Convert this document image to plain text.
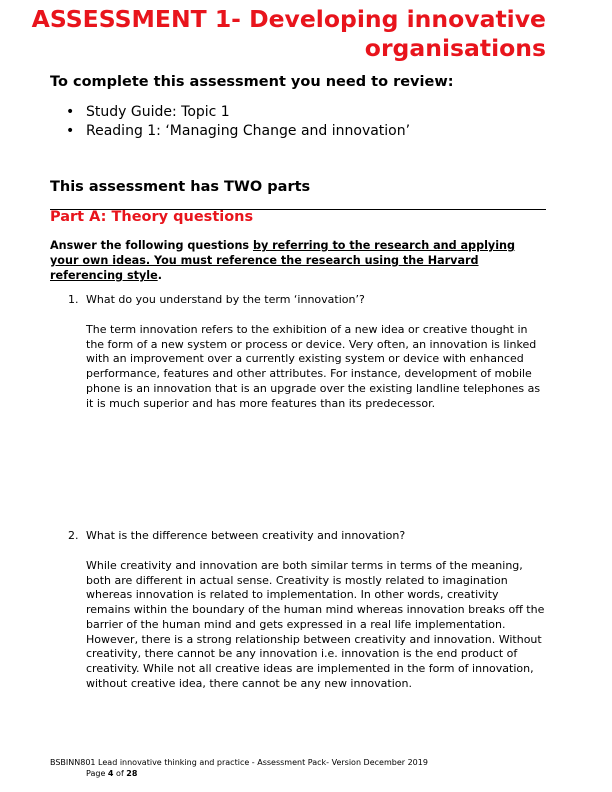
ASSESSMENT 1- Developing innovative organisations
To complete this assessment you need to review:
• Study Guide: Topic 1
• Reading 1: ‘Managing Change and innovation’
This assessment has TWO parts
Part A: Theory questions
Answer the following questions by referring to the research and applying your own ideas. You must reference the research using the Harvard referencing style.
1. What do you understand by the term ‘innovation’?
The term innovation refers to the exhibition of a new idea or creative thought in the form of a new system or process or device. Very often, an innovation is linked with an improvement over a currently existing system or device with enhanced performance, features and other attributes. For instance, development of mobile phone is an innovation that is an upgrade over the existing landline telephones as it is much superior and has more features than its predecessor.
2. What is the difference between creativity and innovation?
While creativity and innovation are both similar terms in terms of the meaning, both are different in actual sense. Creativity is mostly related to imagination whereas innovation is related to implementation. In other words, creativity remains within the boundary of the human mind whereas innovation breaks off the barrier of the human mind and gets expressed in a real life implementation. However, there is a strong relationship between creativity and innovation. Without creativity, there cannot be any innovation i.e. innovation is the end product of creativity. While not all creative ideas are implemented in the form of innovation, without creative idea, there cannot be any new innovation.
BSBINN801 Lead innovative thinking and practice - Assessment Pack- Version December 2019
Page 4 of 28
